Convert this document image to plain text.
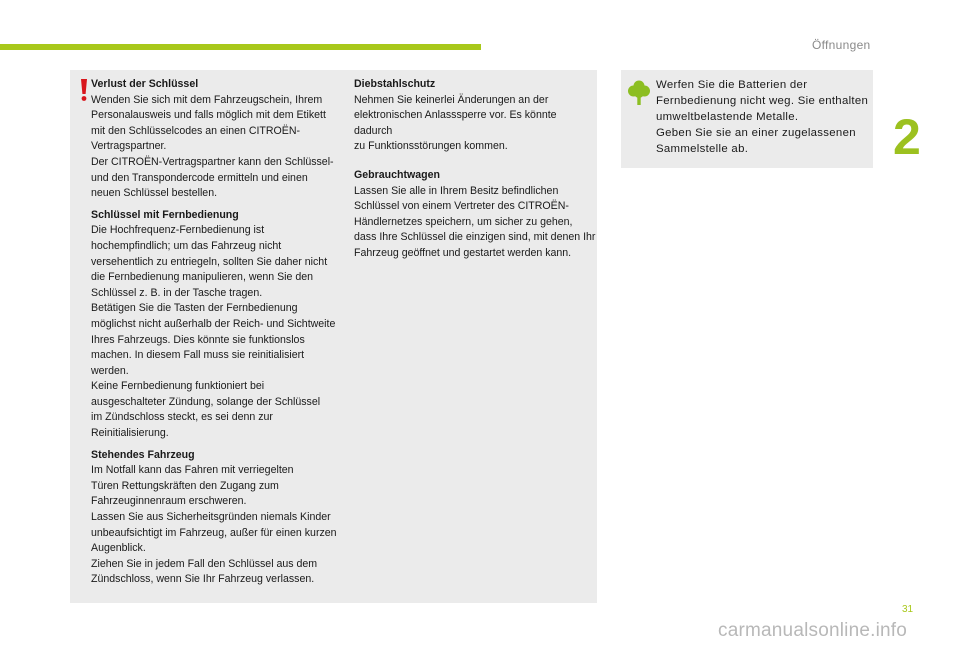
Öffnungen
2
Verlust der Schlüssel
Wenden Sie sich mit dem Fahrzeugschein, Ihrem
Personalausweis und falls möglich mit dem Etikett
mit den Schlüsselcodes an einen CITROËN-
Vertragspartner.
Der CITROËN-Vertragspartner kann den Schlüssel-
und den Transpondercode ermitteln und einen
neuen Schlüssel bestellen.
Schlüssel mit Fernbedienung
Die Hochfrequenz-Fernbedienung ist
hochempfindlich; um das Fahrzeug nicht
versehentlich zu entriegeln, sollten Sie daher nicht
die Fernbedienung manipulieren, wenn Sie den
Schlüssel z. B. in der Tasche tragen.
Betätigen Sie die Tasten der Fernbedienung
möglichst nicht außerhalb der Reich- und Sichtweite
Ihres Fahrzeugs. Dies könnte sie funktionslos
machen. In diesem Fall muss sie reinitialisiert
werden.
Keine Fernbedienung funktioniert bei
ausgeschalteter Zündung, solange der Schlüssel
im Zündschloss steckt, es sei denn zur
Reinitialisierung.
Stehendes Fahrzeug
Im Notfall kann das Fahren mit verriegelten
Türen Rettungskräften den Zugang zum
Fahrzeuginnenraum erschweren.
Lassen Sie aus Sicherheitsgründen niemals Kinder
unbeaufsichtigt im Fahrzeug, außer für einen kurzen
Augenblick.
Ziehen Sie in jedem Fall den Schlüssel aus dem
Zündschloss, wenn Sie Ihr Fahrzeug verlassen.
Diebstahlschutz
Nehmen Sie keinerlei Änderungen an der
elektronischen Anlasssperre vor. Es könnte dadurch
zu Funktionsstörungen kommen.
Gebrauchtwagen
Lassen Sie alle in Ihrem Besitz befindlichen
Schlüssel von einem Vertreter des CITROËN-
Händlernetzes speichern, um sicher zu gehen,
dass Ihre Schlüssel die einzigen sind, mit denen Ihr
Fahrzeug geöffnet und gestartet werden kann.
Werfen Sie die Batterien der
Fernbedienung nicht weg. Sie enthalten
umweltbelastende Metalle.
Geben Sie sie an einer zugelassenen
Sammelstelle ab.
31
carmanualsonline.info
